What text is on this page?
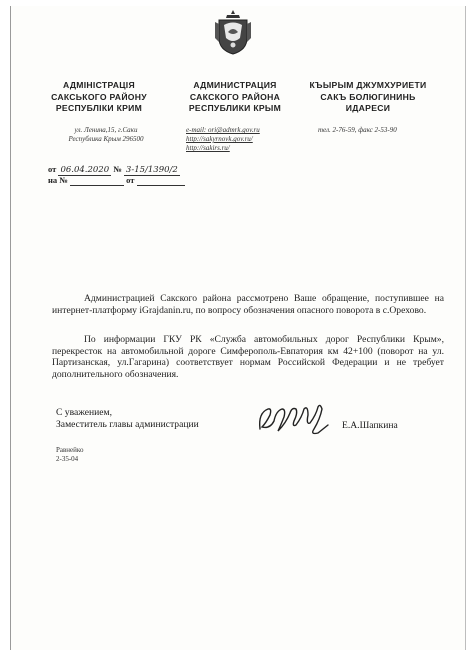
АДМІНІСТРАЦІЯ
САКСЬКОГО РАЙОНУ
РЕСПУБЛІКИ КРИМ
АДМИНИСТРАЦИЯ
САКСКОГО РАЙОНА
РЕСПУБЛИКИ КРЫМ
КЪЫРЫМ ДЖУМХУРИЕТИ
САКЪ БОЛЮГИНИНЬ
ИДАРЕСИ
ул. Ленина,15, г.Саки
Республика Крым 296500
e-mail: ori@admrk.gov.ru
http://sakyrnovk.gov.ru/
http://sakirs.ru/
тел. 2-76-59, факс 2-53-90
от 06.04.2020 № 3-15/1390/2
на №	от
Администрацией Сакского района рассмотрено Ваше обращение, поступившее на интернет-платформу iGrajdanin.ru, по вопросу обозначения опасного поворота в с.Орехово.
По информации ГКУ РК «Служба автомобильных дорог Республики Крым», перекресток на автомобильной дороге Симферополь-Евпатория км 42+100 (поворот на ул. Партизанская, ул.Гагарина) соответствует нормам Российской Федерации и не требует дополнительного обозначения.
С уважением,
Заместитель главы администрации	Е.А.Шапкина
Равнейко
2-35-04
